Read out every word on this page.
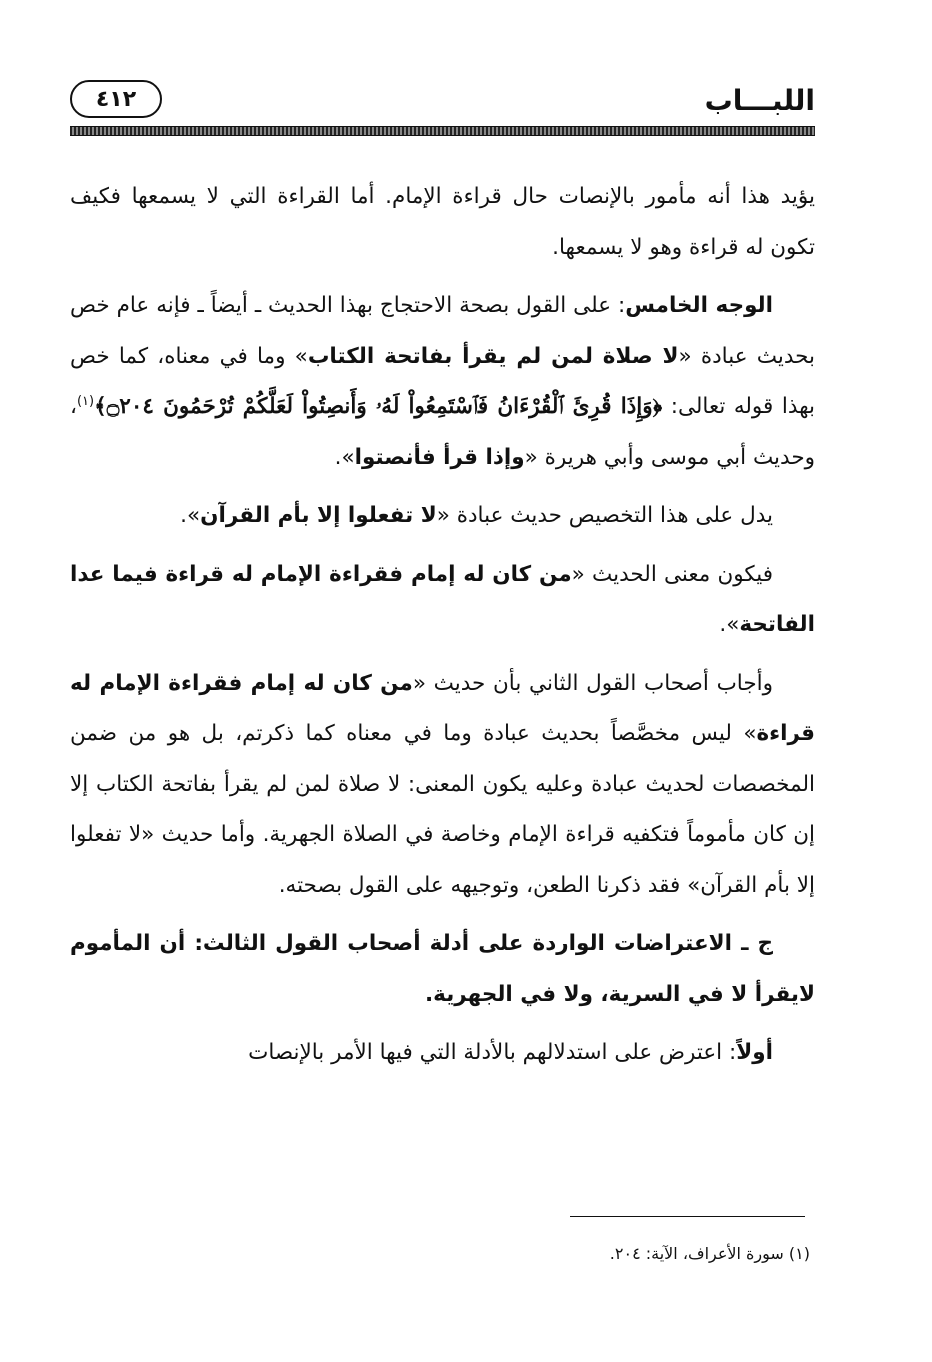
اللبـــاب
٤١٢

يؤيد هذا أنه مأمور بالإنصات حال قراءة الإمام. أما القراءة التي لا يسمعها فكيف تكون له قراءة وهو لا يسمعها.

الوجه الخامس: على القول بصحة الاحتجاج بهذا الحديث ـ أيضاً ـ فإنه عام خص بحديث عبادة «لا صلاة لمن لم يقرأ بفاتحة الكتاب» وما في معناه، كما خص بهذا قوله تعالى: ﴿وَإِذَا قُرِئَ ٱلْقُرْءَانُ فَٱسْتَمِعُواْ لَهُۥ وَأَنصِتُواْ لَعَلَّكُمْ تُرْحَمُونَ ۝٢٠٤﴾$^{(١)}$، وحديث أبي موسى وأبي هريرة «وإذا قرأ فأنصتوا».

يدل على هذا التخصيص حديث عبادة «لا تفعلوا إلا بأم القرآن».

فيكون معنى الحديث «من كان له إمام فقراءة الإمام له قراءة فيما عدا الفاتحة».

وأجاب أصحاب القول الثاني بأن حديث «من كان له إمام فقراءة الإمام له قراءة» ليس مخصَّصاً بحديث عبادة وما في معناه كما ذكرتم، بل هو من ضمن المخصصات لحديث عبادة وعليه يكون المعنى: لا صلاة لمن لم يقرأ بفاتحة الكتاب إلا إن كان مأموماً فتكفيه قراءة الإمام وخاصة في الصلاة الجهرية. وأما حديث «لا تفعلوا إلا بأم القرآن» فقد ذكرنا الطعن، وتوجيهه على القول بصحته.

ج ـ الاعتراضات الواردة على أدلة أصحاب القول الثالث: أن المأموم لايقرأ لا في السرية، ولا في الجهرية.

أولاً: اعترض على استدلالهم بالأدلة التي فيها الأمر بالإنصات

(١) سورة الأعراف، الآية: ٢٠٤.
